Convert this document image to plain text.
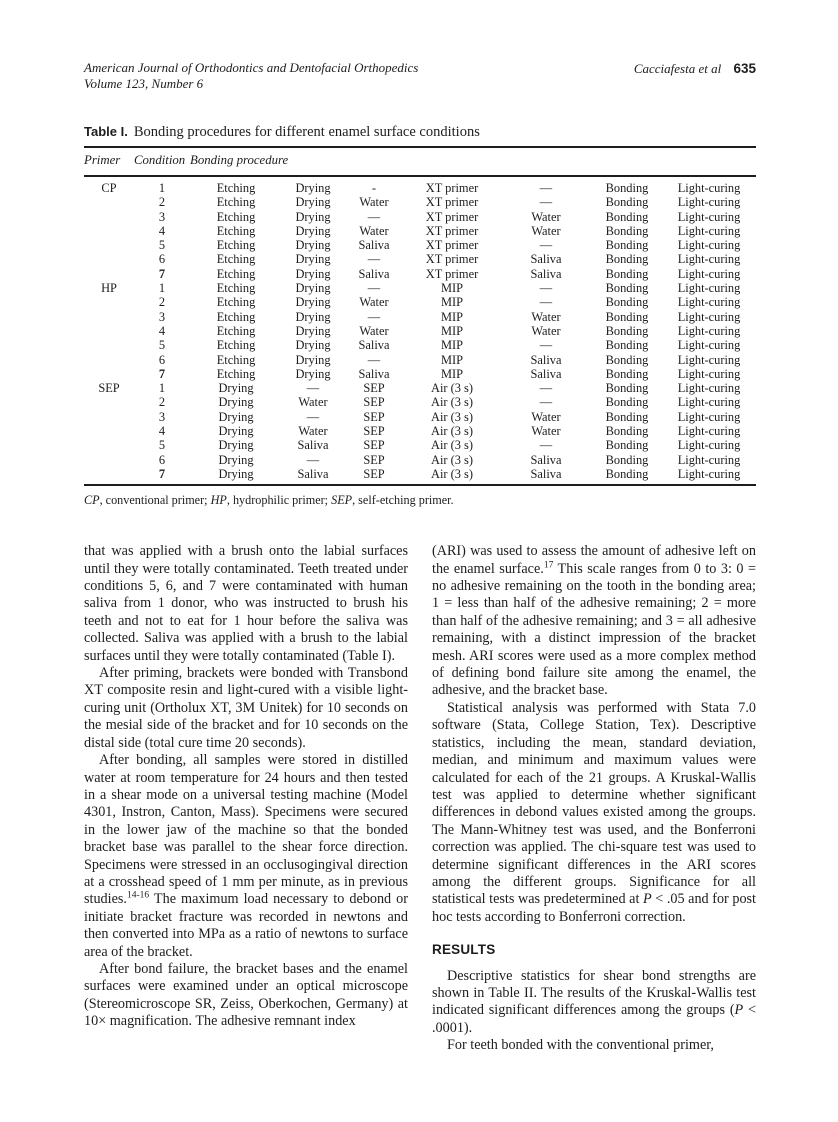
American Journal of Orthodontics and Dentofacial Orthopedics
Volume 123, Number 6
Cacciafesta et al 635
Table I. Bonding procedures for different enamel surface conditions
Primer	Condition	Bonding procedure						
CP	1	Etching	Drying	-	XT primer	—	Bonding	Light-curing
	2	Etching	Drying	Water	XT primer	—	Bonding	Light-curing
	3	Etching	Drying	—	XT primer	Water	Bonding	Light-curing
	4	Etching	Drying	Water	XT primer	Water	Bonding	Light-curing
	5	Etching	Drying	Saliva	XT primer	—	Bonding	Light-curing
	6	Etching	Drying	—	XT primer	Saliva	Bonding	Light-curing
	7	Etching	Drying	Saliva	XT primer	Saliva	Bonding	Light-curing
HP	1	Etching	Drying	—	MIP	—	Bonding	Light-curing
	2	Etching	Drying	Water	MIP	—	Bonding	Light-curing
	3	Etching	Drying	—	MIP	Water	Bonding	Light-curing
	4	Etching	Drying	Water	MIP	Water	Bonding	Light-curing
	5	Etching	Drying	Saliva	MIP	—	Bonding	Light-curing
	6	Etching	Drying	—	MIP	Saliva	Bonding	Light-curing
	7	Etching	Drying	Saliva	MIP	Saliva	Bonding	Light-curing
SEP	1	Drying	—	SEP	Air (3 s)	—	Bonding	Light-curing
	2	Drying	Water	SEP	Air (3 s)	—	Bonding	Light-curing
	3	Drying	—	SEP	Air (3 s)	Water	Bonding	Light-curing
	4	Drying	Water	SEP	Air (3 s)	Water	Bonding	Light-curing
	5	Drying	Saliva	SEP	Air (3 s)	—	Bonding	Light-curing
	6	Drying	—	SEP	Air (3 s)	Saliva	Bonding	Light-curing
	7	Drying	Saliva	SEP	Air (3 s)	Saliva	Bonding	Light-curing
CP, conventional primer; HP, hydrophilic primer; SEP, self-etching primer.

that was applied with a brush onto the labial surfaces until they were totally contaminated. Teeth treated under conditions 5, 6, and 7 were contaminated with human saliva from 1 donor, who was instructed to brush his teeth and not to eat for 1 hour before the saliva was collected. Saliva was applied with a brush to the labial surfaces until they were totally contaminated (Table I).

After priming, brackets were bonded with Transbond XT composite resin and light-cured with a visible light-curing unit (Ortholux XT, 3M Unitek) for 10 seconds on the mesial side of the bracket and for 10 seconds on the distal side (total cure time 20 seconds).

After bonding, all samples were stored in distilled water at room temperature for 24 hours and then tested in a shear mode on a universal testing machine (Model 4301, Instron, Canton, Mass). Specimens were secured in the lower jaw of the machine so that the bonded bracket base was parallel to the shear force direction. Specimens were stressed in an occlusogingival direction at a crosshead speed of 1 mm per minute, as in previous studies.$^{14-16}$ The maximum load necessary to debond or initiate bracket fracture was recorded in newtons and then converted into MPa as a ratio of newtons to surface area of the bracket.

After bond failure, the bracket bases and the enamel surfaces were examined under an optical microscope (Stereomicroscope SR, Zeiss, Oberkochen, Germany) at 10× magnification. The adhesive remnant index

(ARI) was used to assess the amount of adhesive left on the enamel surface.$^{17}$ This scale ranges from 0 to 3: 0 = no adhesive remaining on the tooth in the bonding area; 1 = less than half of the adhesive remaining; 2 = more than half of the adhesive remaining; and 3 = all adhesive remaining, with a distinct impression of the bracket mesh. ARI scores were used as a more complex method of defining bond failure site among the enamel, the adhesive, and the bracket base.

Statistical analysis was performed with Stata 7.0 software (Stata, College Station, Tex). Descriptive statistics, including the mean, standard deviation, median, and minimum and maximum values were calculated for each of the 21 groups. A Kruskal-Wallis test was applied to determine whether significant differences in debond values existed among the groups. The Mann-Whitney test was used, and the Bonferroni correction was applied. The chi-square test was used to determine significant differences in the ARI scores among the different groups. Significance for all statistical tests was predetermined at P < .05 and for post hoc tests according to Bonferroni correction.

RESULTS

Descriptive statistics for shear bond strengths are shown in Table II. The results of the Kruskal-Wallis test indicated significant differences among the groups (P < .0001).

For teeth bonded with the conventional primer,
